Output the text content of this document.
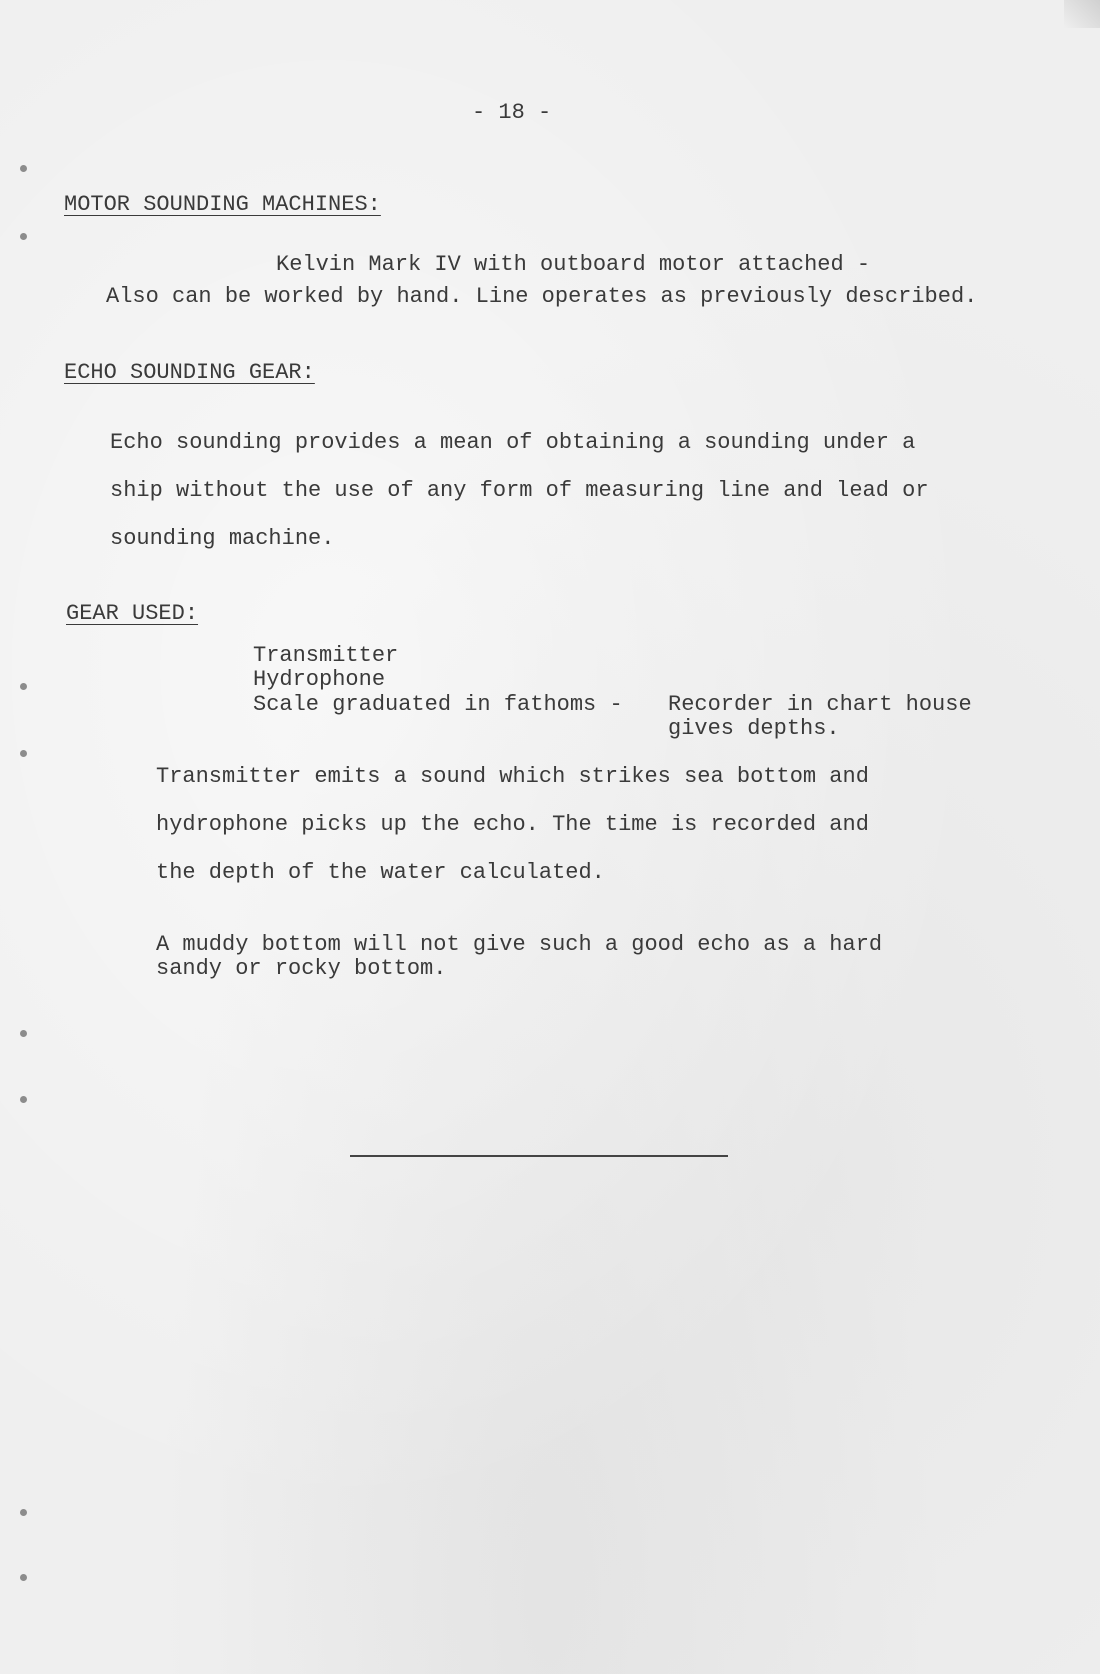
- 18 -
MOTOR SOUNDING MACHINES:
Kelvin Mark IV with outboard motor attached -
Also can be worked by hand. Line operates as previously described.
ECHO SOUNDING GEAR:
Echo sounding provides a mean of obtaining a sounding under a
ship without the use of any form of measuring line and lead or
sounding machine.
GEAR USED:
Transmitter
Hydrophone
Scale graduated in fathoms - Recorder in chart house
gives depths.
Transmitter emits a sound which strikes sea bottom and
hydrophone picks up the echo. The time is recorded and
the depth of the water calculated.
A muddy bottom will not give such a good echo as a hard
sandy or rocky bottom.
